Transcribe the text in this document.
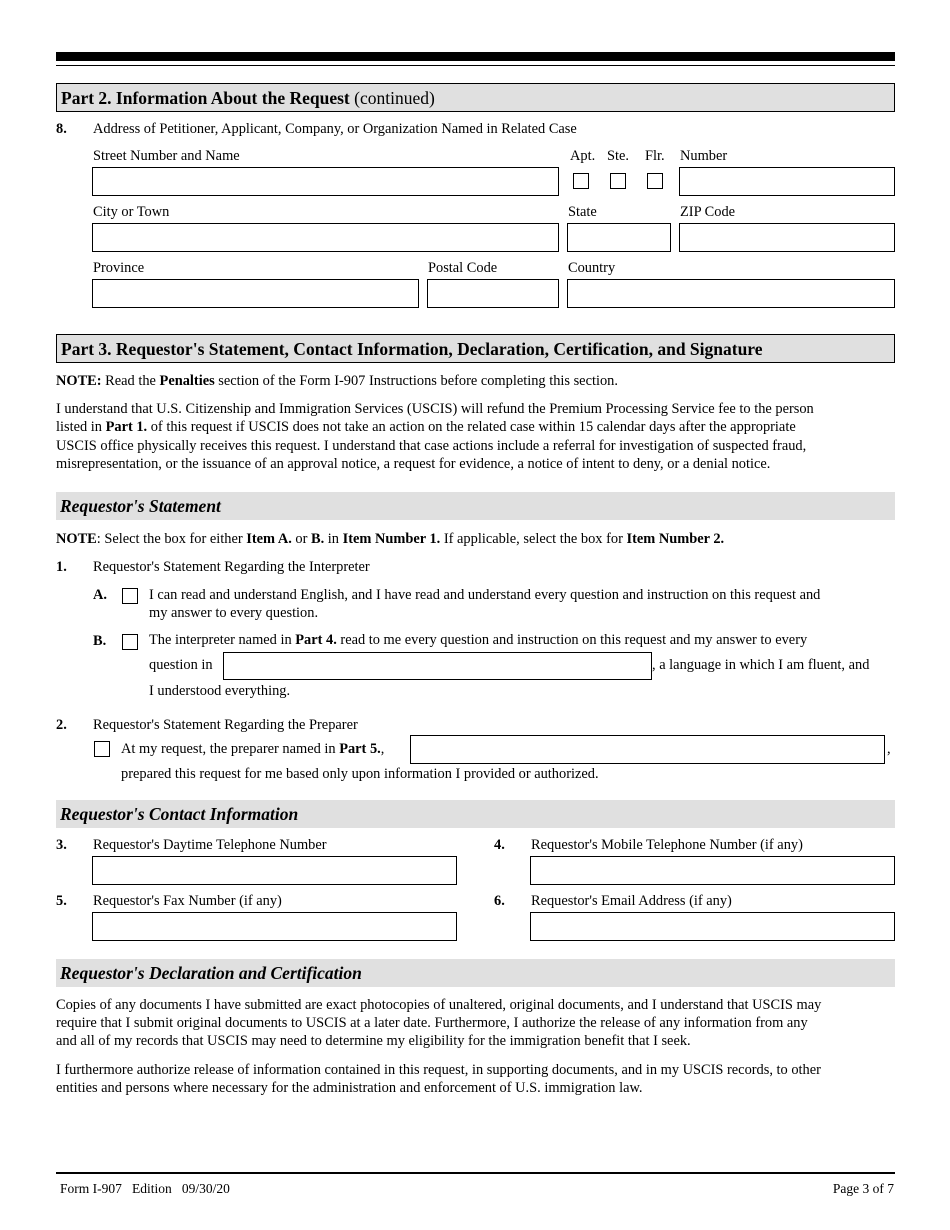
Part 2. Information About the Request (continued)
8. Address of Petitioner, Applicant, Company, or Organization Named in Related Case
Street Number and Name	Apt. Ste. Flr. Number
City or Town	State	ZIP Code
Province	Postal Code	Country
Part 3. Requestor's Statement, Contact Information, Declaration, Certification, and Signature
NOTE: Read the Penalties section of the Form I-907 Instructions before completing this section.
I understand that U.S. Citizenship and Immigration Services (USCIS) will refund the Premium Processing Service fee to the person
listed in Part 1. of this request if USCIS does not take an action on the related case within 15 calendar days after the appropriate
USCIS office physically receives this request. I understand that case actions include a referral for investigation of suspected fraud,
misrepresentation, or the issuance of an approval notice, a request for evidence, a notice of intent to deny, or a denial notice.
Requestor's Statement
NOTE: Select the box for either Item A. or B. in Item Number 1. If applicable, select the box for Item Number 2.
1. Requestor's Statement Regarding the Interpreter
A.	I can read and understand English, and I have read and understand every question and instruction on this request and
my answer to every question.
B.	The interpreter named in Part 4. read to me every question and instruction on this request and my answer to every
question in	, a language in which I am fluent, and
I understood everything.
2. Requestor's Statement Regarding the Preparer
At my request, the preparer named in Part 5.,	,
prepared this request for me based only upon information I provided or authorized.
Requestor's Contact Information
3. Requestor's Daytime Telephone Number	4. Requestor's Mobile Telephone Number (if any)
5. Requestor's Fax Number (if any)	6. Requestor's Email Address (if any)
Requestor's Declaration and Certification
Copies of any documents I have submitted are exact photocopies of unaltered, original documents, and I understand that USCIS may
require that I submit original documents to USCIS at a later date. Furthermore, I authorize the release of any information from any
and all of my records that USCIS may need to determine my eligibility for the immigration benefit that I seek.
I furthermore authorize release of information contained in this request, in supporting documents, and in my USCIS records, to other
entities and persons where necessary for the administration and enforcement of U.S. immigration law.
Form I-907   Edition   09/30/20	Page 3 of 7
